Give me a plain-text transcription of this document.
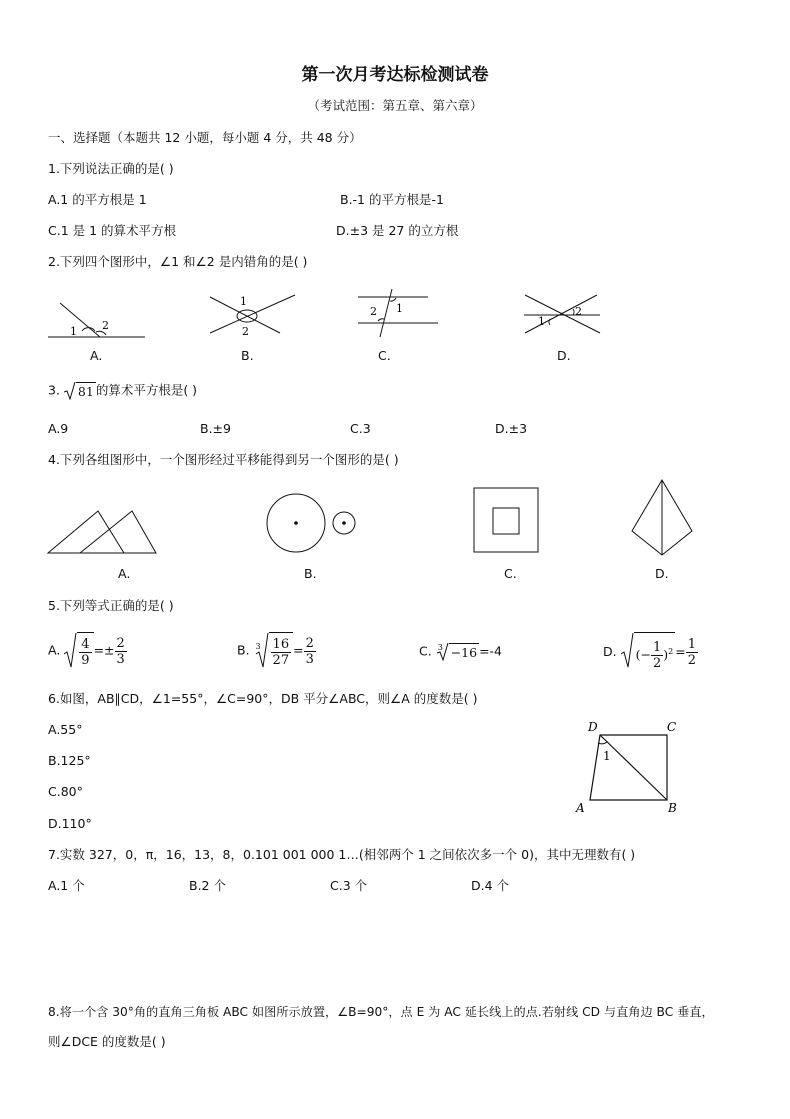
第一次月考达标检测试卷
（考试范围：第五章、第六章）
一、选择题（本题共 12 小题，每小题 4 分，共 48 分）
1.下列说法正确的是( )
A.1 的平方根是 1	B.-1 的平方根是-1
C.1 是 1 的算术平方根	D.±3 是 27 的立方根
2.下列四个图形中，∠1 和∠2 是内错角的是( )
1 2
1
2
1
2
1
2
A.	B.	C.	D.
3. 81 的算术平方根是( )
A.9	B.±9	C.3	D.±3
4.下列各组图形中，一个图形经过平移能得到另一个图形的是( )
A.	B.	C.	D.
5.下列等式正确的是( )
A. $\frac{4}{9} =\pm \frac{2}{3}$	B. $3 \frac{16}{27} = \frac{2}{3}$	C. 3 −16 =-4	D. (− $\frac{1}{2} )^2 = \frac{1}{2}$
6.如图，AB∥CD，∠1=55°，∠C=90°，DB 平分∠ABC，则∠A 的度数是( )
A.55°
B.125°
C.80°
D.110°
D	C
A	B
1
7.实数 327，0，π，16，13，8，0.101 001 000 1…(相邻两个 1 之间依次多一个 0)，其中无理数有( )
A.1 个	B.2 个	C.3 个	D.4 个
8.将一个含 30°角的直角三角板 ABC 如图所示放置，∠B=90°，点 E 为 AC 延长线上的点.若射线 CD 与直角边 BC 垂直，
则∠DCE 的度数是( )
